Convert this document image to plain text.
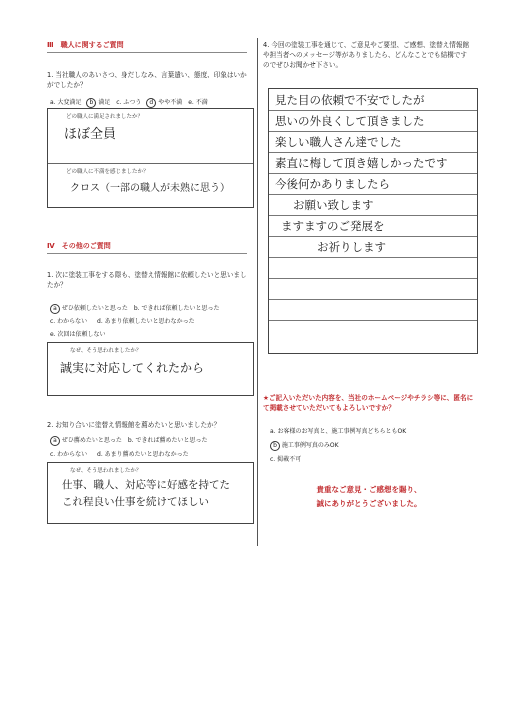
Ⅲ　職人に関するご質問
1. 当社職人のあいさつ、身だしなみ、言葉遣い、態度、印象はいかがでしたか？
a. 大変満足 b 満足 c. ふつう d やや不満 e. 不満
どの職人に満足されましたか？
ほぼ全員
どの職人に不満を感じましたか？
クロス（一部の職人が未熟に思う）
Ⅳ　その他のご質問
1. 次に塗装工事をする際も、塗替え情報館に依頼したいと思いましたか？
a ぜひ依頼したいと思った b. できれば依頼したいと思った
c. わからない d. あまり依頼したいと思わなかった
e. 次回は依頼しない
なぜ、そう思われましたか？
誠実に対応してくれたから
2. お知り合いに塗替え情報館を薦めたいと思いましたか？
a ぜひ薦めたいと思った b. できれば薦めたいと思った
c. わからない d. あまり薦めたいと思わなかった
なぜ、そう思われましたか？
仕事、職人、対応等に好感を持てた
これ程良い仕事を続けてほしい
4. 今回の塗装工事を通じて、ご意見やご要望、ご感想、塗替え情報館や担当者へのメッセージ等がありましたら、どんなことでも結構ですのでぜひお聞かせ下さい。
見た目の依頼で不安でしたが
思いの外良くして頂きました
楽しい職人さん達でした
素直に梅して頂き嬉しかったです
今後何かありましたら
お願い致します
ますますのご発展を
お祈りします
★ご記入いただいた内容を、当社のホームページやチラシ等に、匿名にて掲載させていただいてもよろしいですか？
a. お客様のお写真と、施工事例写真どちらともOK
b 施工事例写真のみOK
c. 掲載不可
貴重なご意見・ご感想を賜り、
誠にありがとうございました。
